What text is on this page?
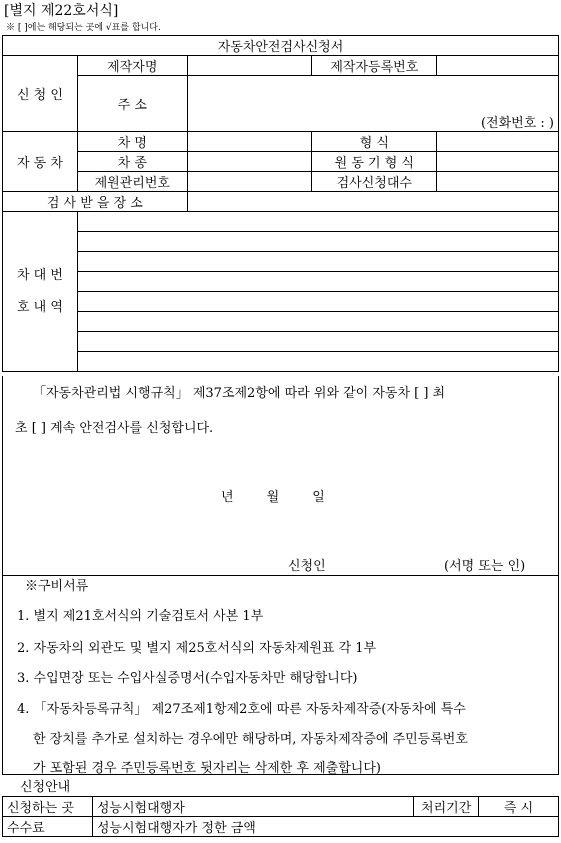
[별지 제22호서식]
※ [ ]에는 해당되는 곳에 √표를 합니다.
자동차안전검사신청서				
신 청 인	제작자명		제작자등록번호	
	주 소			
		(전화번호 : )		
자 동 차	차 명		형 식	
	차 종		원 동 기 형 식	
	제원관리번호		검사신청대수	
검 사 받 을 장 소				

차 대 번
호 내 역				

「자동차관리법 시행규칙」 제37조제2항에 따라 위와 같이 자동차 [ ] 최
초 [ ] 계속 안전검사를 신청합니다.
년        월        일
신청인	(서명 또는 인)
※구비서류
1. 별지 제21호서식의 기술검토서 사본 1부
2. 자동차의 외관도 및 별지 제25호서식의 자동차제원표 각 1부
3. 수입면장 또는 수입사실증명서(수입자동차만 해당합니다)
4. 「자동차등록규칙」 제27조제1항제2호에 따른 자동차제작증(자동차에 특수
한 장치를 추가로 설치하는 경우에만 해당하며, 자동차제작증에 주민등록번호
가 포함된 경우 주민등록번호 뒷자리는 삭제한 후 제출합니다)
신청안내
신청하는 곳	성능시험대행자	처리기간	즉 시
수수료	성능시험대행자가 정한 금액		
